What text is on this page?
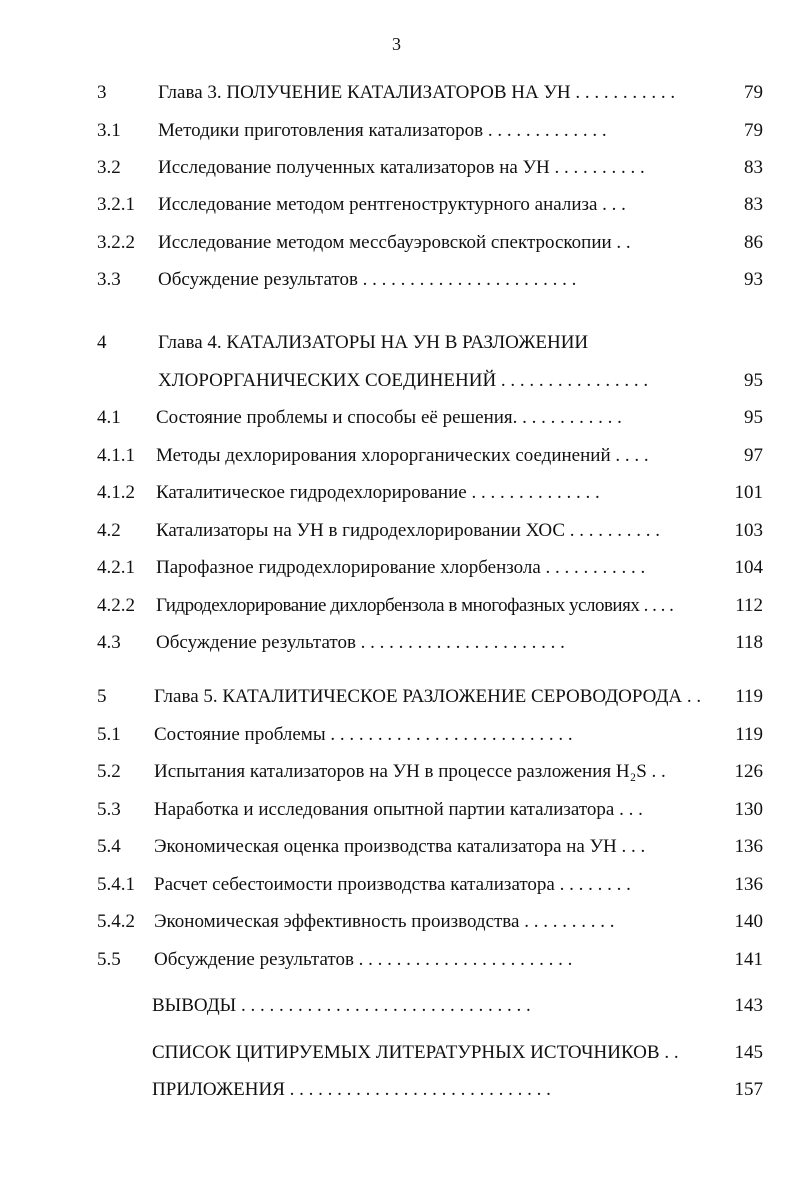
3
3	Глава 3. ПОЛУЧЕНИЕ КАТАЛИЗАТОРОВ НА УН . . . . . . . . . . .	79
3.1 Методики приготовления катализаторов . . . . . . . . . . . . .	79
3.2 Исследование полученных катализаторов на УН . . . . . . . . . .	83
3.2.1 Исследование методом рентгеноструктурного анализа . . .	83
3.2.2 Исследование методом мессбауэровской спектроскопии . .	86
3.3 Обсуждение результатов . . . . . . . . . . . . . . . . . . . . . . .	93
4	Глава 4. КАТАЛИЗАТОРЫ НА УН В РАЗЛОЖЕНИИ
ХЛОРОРГАНИЧЕСКИХ СОЕДИНЕНИЙ . . . . . . . . . . . . . . . .	95
4.1 Состояние проблемы и способы её решения. . . . . . . . . . . .	95
4.1.1 Методы дехлорирования хлорорганических соединений . . . .	97
4.1.2 Каталитическое гидродехлорирование . . . . . . . . . . . . . .	101
4.2 Катализаторы на УН в гидродехлорировании ХОС . . . . . . . . . .	103
4.2.1 Парофазное гидродехлорирование хлорбензола . . . . . . . . . . .	104
4.2.2 Гидродехлорирование дихлорбензола в многофазных условиях . . . .	112
4.3 Обсуждение результатов . . . . . . . . . . . . . . . . . . . . . .	118
5	Глава 5. КАТАЛИТИЧЕСКОЕ РАЗЛОЖЕНИЕ СЕРОВОДОРОДА . . 119
5.1 Состояние проблемы . . . . . . . . . . . . . . . . . . . . . . . . . .	119
5.2 Испытания катализаторов на УН в процессе разложения H₂S . .	126
5.3 Наработка и исследования опытной партии катализатора . . .	130
5.4 Экономическая оценка производства катализатора на УН . . .	136
5.4.1 Расчет себестоимости производства катализатора . . . . . . . .	136
5.4.2 Экономическая эффективность производства . . . . . . . . . .	140
5.5 Обсуждение результатов . . . . . . . . . . . . . . . . . . . . . . .	141
ВЫВОДЫ . . . . . . . . . . . . . . . . . . . . . . . . . . . . . . .	143
СПИСОК ЦИТИРУЕМЫХ ЛИТЕРАТУРНЫХ ИСТОЧНИКОВ . .	145
ПРИЛОЖЕНИЯ . . . . . . . . . . . . . . . . . . . . . . . . . . . .	157
